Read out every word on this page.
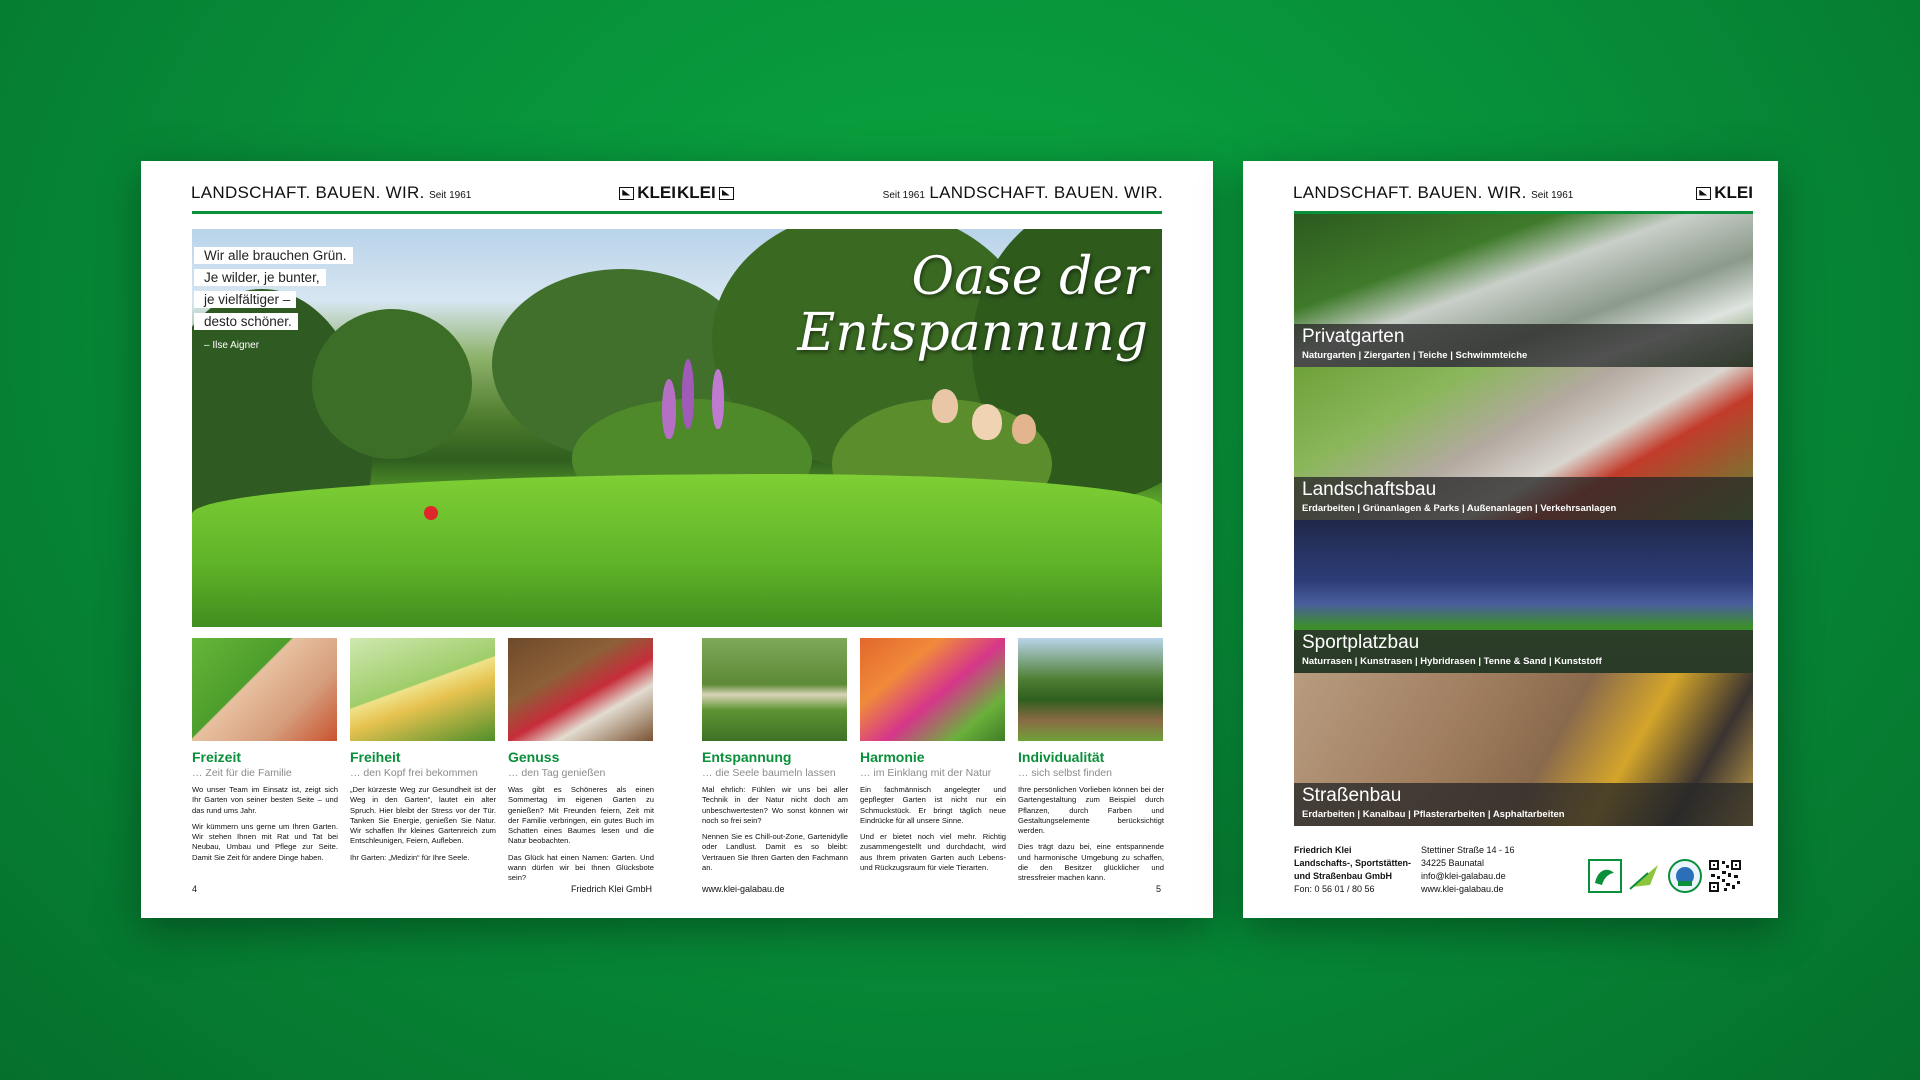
LANDSCHAFT. BAUEN. WIR. Seit 1961	KLEI KLEI	Seit 1961 LANDSCHAFT. BAUEN. WIR.
Wir alle brauchen Grün.
Je wilder, je bunter,
je vielfältiger –
desto schöner.
– Ilse Aigner
Oase der
Entspannung
Freizeit
… Zeit für die Familie

Wo unser Team im Einsatz ist, zeigt sich Ihr Garten von seiner besten Seite – und das rund ums Jahr.

Wir kümmern uns gerne um Ihren Garten. Wir stehen Ihnen mit Rat und Tat bei Neubau, Umbau und Pflege zur Seite. Damit Sie Zeit für andere Dinge haben.

Freiheit
… den Kopf frei bekommen

„Der kürzeste Weg zur Gesundheit ist der Weg in den Garten“, lautet ein alter Spruch. Hier bleibt der Stress vor der Tür. Tanken Sie Energie, genießen Sie Natur. Wir schaffen Ihr kleines Gartenreich zum Entschleunigen, Feiern, Aufleben.

Ihr Garten: „Medizin“ für Ihre Seele.

Genuss
… den Tag genießen

Was gibt es Schöneres als einen Sommertag im eigenen Garten zu genießen? Mit Freunden feiern, Zeit mit der Familie verbringen, ein gutes Buch im Schatten eines Baumes lesen und die Natur beobachten.

Das Glück hat einen Namen: Garten. Und wann dürfen wir bei Ihnen Glücksbote sein?

Entspannung
… die Seele baumeln lassen

Mal ehrlich: Fühlen wir uns bei aller Technik in der Natur nicht doch am unbeschwertesten? Wo sonst können wir noch so frei sein?

Nennen Sie es Chill-out-Zone, Gartenidylle oder Landlust. Damit es so bleibt: Vertrauen Sie Ihren Garten den Fachmann an.

Harmonie
… im Einklang mit der Natur

Ein fachmännisch angelegter und gepflegter Garten ist nicht nur ein Schmuckstück. Er bringt täglich neue Eindrücke für all unsere Sinne.

Und er bietet noch viel mehr. Richtig zusammengestellt und durchdacht, wird aus Ihrem privaten Garten auch Lebens- und Rückzugsraum für viele Tierarten.

Individualität
… sich selbst finden

Ihre persönlichen Vorlieben können bei der Gartengestaltung zum Beispiel durch Pflanzen, durch Farben und Gestaltungselemente berücksichtigt werden.

Dies trägt dazu bei, eine entspannende und harmonische Umgebung zu schaffen, die den Besitzer glücklicher und stressfreier machen kann.

4	Friedrich Klei GmbH	www.klei-galabau.de	5
LANDSCHAFT. BAUEN. WIR. Seit 1961	KLEI
Privatgarten
Naturgarten | Ziergarten | Teiche | Schwimmteiche
Landschaftsbau
Erdarbeiten | Grünanlagen & Parks | Außenanlagen | Verkehrsanlagen
Sportplatzbau
Naturrasen | Kunstrasen | Hybridrasen | Tenne & Sand | Kunststoff
Straßenbau
Erdarbeiten | Kanalbau | Pflasterarbeiten | Asphaltarbeiten
Friedrich Klei
Landschafts-, Sportstätten-
und Straßenbau GmbH
Fon: 0 56 01 / 80 56
Stettiner Straße 14 - 16
34225 Baunatal
info@klei-galabau.de
www.klei-galabau.de
